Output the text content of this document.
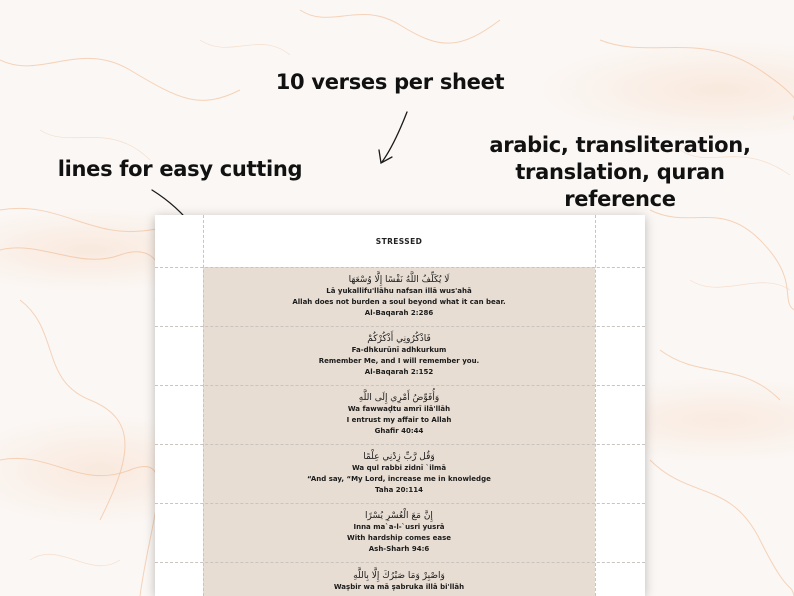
10 verses per sheet
lines for easy cutting
arabic, transliteration,
translation, quran
reference
STRESSED
لَا يُكَلِّفُ اللَّهُ نَفْسًا إِلَّا وُسْعَهَا
Lā yukallifu'llāhu nafsan illā wus'ahā
Allah does not burden a soul beyond what it can bear.
Al-Baqarah 2:286
فَاذْكُرُونِي أَذْكُرْكُمْ
Fa-dhkurūnī adhkurkum
Remember Me, and I will remember you.
Al-Baqarah 2:152
وَأُفَوِّضُ أَمْرِي إِلَى اللَّهِ
Wa fawwaḍtu amrī ilā'llāh
I entrust my affair to Allah
Ghafir 40:44
وَقُل رَّبِّ زِدْنِي عِلْمًا
Wa qul rabbi zidnī `ilmā
“And say, “My Lord, increase me in knowledge
Taha 20:114
إِنَّ مَعَ الْعُسْرِ يُسْرًا
Inna ma`a-l-`usri yusrā
With hardship comes ease
Ash-Sharh 94:6
وَاصْبِرْ وَمَا صَبْرُكَ إِلَّا بِاللَّهِ
Waṣbir wa mā ṣabruka illā bi'llāh
